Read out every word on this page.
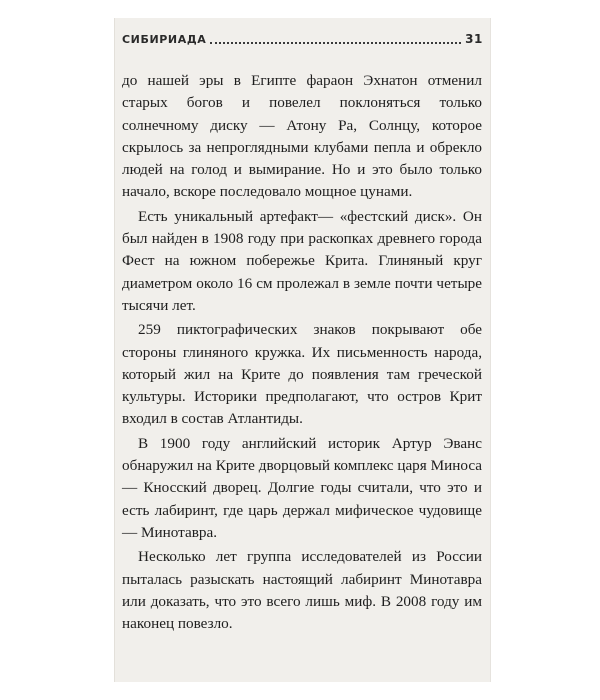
СИБИРИАДА	31

до нашей эры в Египте фараон Эхнатон отменил старых богов и повелел поклоняться только солнечному диску — Атону Ра, Солнцу, которое скрылось за непроглядными клубами пепла и обрекло людей на голод и вымирание. Но и это было только начало, вскоре последовало мощное цунами.

Есть уникальный артефакт— «фестский диск». Он был найден в 1908 году при раскопках древнего города Фест на южном побережье Крита. Глиняный круг диаметром около 16 см пролежал в земле почти четыре тысячи лет.

259 пиктографических знаков покрывают обе стороны глиняного кружка. Их письменность народа, который жил на Крите до появления там греческой культуры. Историки предполагают, что остров Крит входил в состав Атлантиды.

В 1900 году английский историк Артур Эванс обнаружил на Крите дворцовый комплекс царя Миноса — Кносский дворец. Долгие годы считали, что это и есть лабиринт, где царь держал мифическое чудовище — Минотавра.

Несколько лет группа исследователей из России пыталась разыскать настоящий лабиринт Минотавра или доказать, что это всего лишь миф. В 2008 году им наконец повезло.
